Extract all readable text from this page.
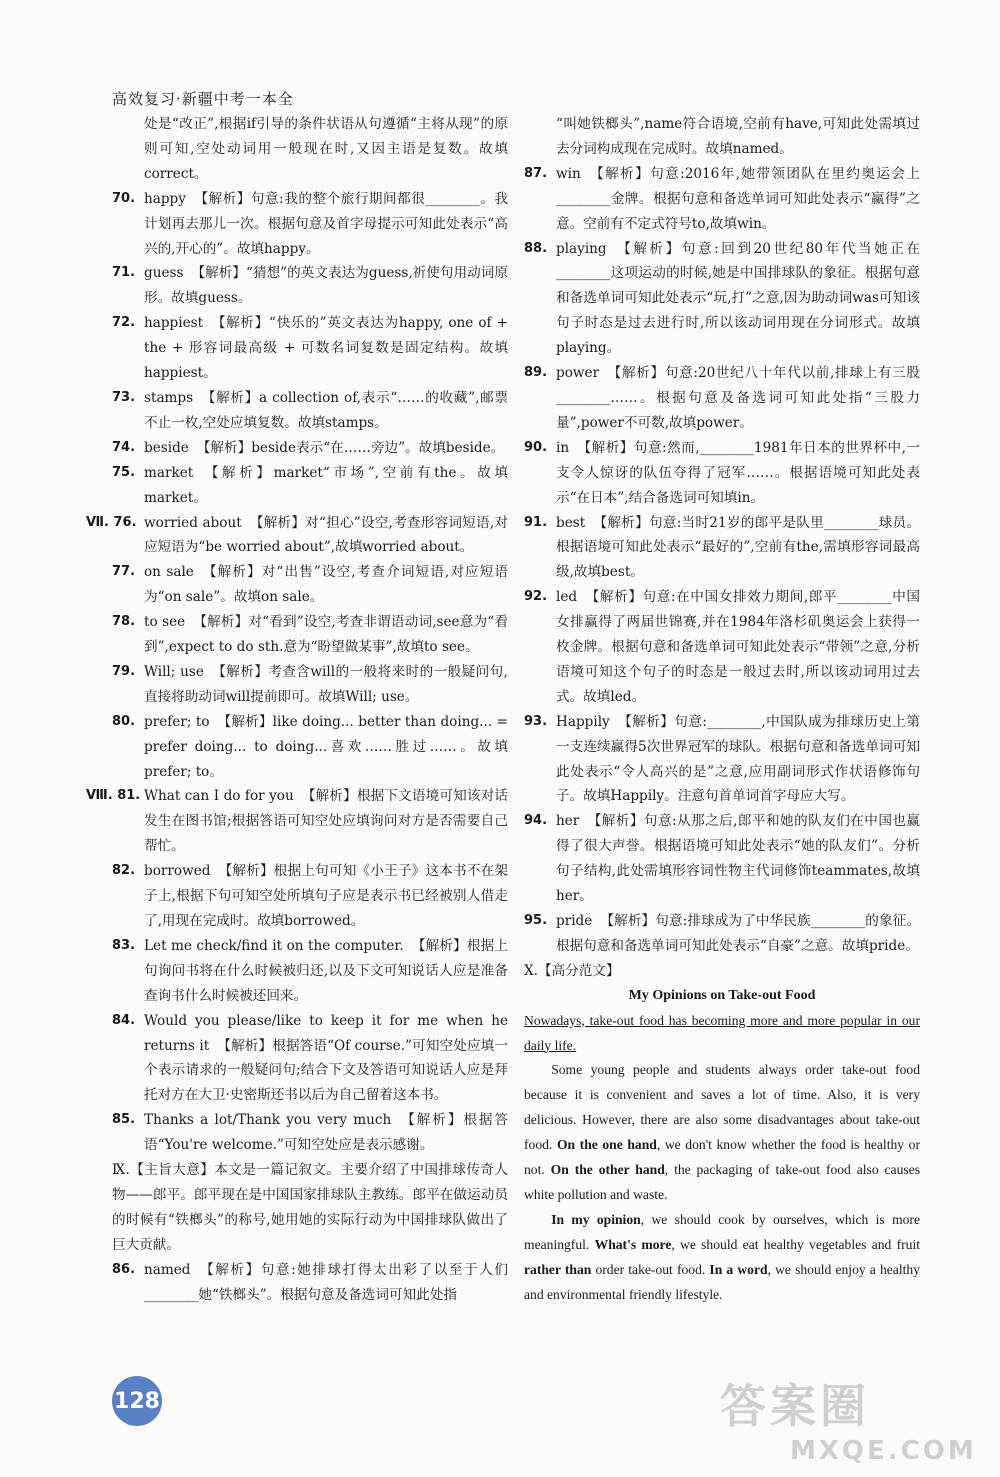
高效复习·新疆中考一本全
处是“改正”,根据if引导的条件状语从句遵循“主将从现”的原则可知,空处动词用一般现在时,又因主语是复数。故填correct。
70. happy 【解析】句意:我的整个旅行期间都很________。我计划再去那儿一次。根据句意及首字母提示可知此处表示“高兴的,开心的”。故填happy。
71. guess 【解析】“猜想”的英文表达为guess,祈使句用动词原形。故填guess。
72. happiest 【解析】“快乐的”英文表达为happy, one of + the + 形容词最高级 + 可数名词复数是固定结构。故填happiest。
73. stamps 【解析】a collection of,表示“……的收藏”,邮票不止一枚,空处应填复数。故填stamps。
74. beside 【解析】beside表示“在……旁边”。故填beside。
75. market 【解析】market“市场”,空前有the。故填market。
Ⅶ. 76. worried about 【解析】对“担心”设空,考查形容词短语,对应短语为“be worried about”,故填worried about。
77. on sale 【解析】对“出售”设空,考查介词短语,对应短语为“on sale”。故填on sale。
78. to see 【解析】对“看到”设空,考查非谓语动词,see意为“看到”,expect to do sth.意为“盼望做某事”,故填to see。
79. Will; use 【解析】考查含will的一般将来时的一般疑问句,直接将助动词will提前即可。故填Will; use。
80. prefer; to 【解析】like doing... better than doing... = prefer doing... to doing...喜欢……胜过……。故填prefer; to。
Ⅷ. 81. What can I do for you 【解析】根据下文语境可知该对话发生在图书馆;根据答语可知空处应填询问对方是否需要自己帮忙。
82. borrowed 【解析】根据上句可知《小王子》这本书不在架子上,根据下句可知空处所填句子应是表示书已经被别人借走了,用现在完成时。故填borrowed。
83. Let me check/find it on the computer. 【解析】根据上句询问书将在什么时候被归还,以及下文可知说话人应是准备查询书什么时候被还回来。
84. Would you please/like to keep it for me when he returns it 【解析】根据答语“Of course.”可知空处应填一个表示请求的一般疑问句;结合下文及答语可知说话人应是拜托对方在大卫·史密斯还书以后为自己留着这本书。
85. Thanks a lot/Thank you very much 【解析】根据答语“You're welcome.”可知空处应是表示感谢。
Ⅸ.【主旨大意】本文是一篇记叙文。主要介绍了中国排球传奇人物——郎平。郎平现在是中国国家排球队主教练。郎平在做运动员的时候有“铁榔头”的称号,她用她的实际行动为中国排球队做出了巨大贡献。
86. named 【解析】句意:她排球打得太出彩了以至于人们________她“铁榔头”。根据句意及备选词可知此处指
“叫她铁榔头”,name符合语境,空前有have,可知此处需填过去分词构成现在完成时。故填named。
87. win 【解析】句意:2016年,她带领团队在里约奥运会上________金牌。根据句意和备选单词可知此处表示“赢得”之意。空前有不定式符号to,故填win。
88. playing 【解析】句意:回到20世纪80年代当她正在________这项运动的时候,她是中国排球队的象征。根据句意和备选单词可知此处表示“玩,打”之意,因为助动词was可知该句子时态是过去进行时,所以该动词用现在分词形式。故填playing。
89. power 【解析】句意:20世纪八十年代以前,排球上有三股________……。根据句意及备选词可知此处指“三股力量”,power不可数,故填power。
90. in 【解析】句意:然而,________1981年日本的世界杯中,一支令人惊讶的队伍夺得了冠军……。根据语境可知此处表示“在日本”,结合备选词可知填in。
91. best 【解析】句意:当时21岁的郎平是队里________球员。根据语境可知此处表示“最好的”,空前有the,需填形容词最高级,故填best。
92. led 【解析】句意:在中国女排效力期间,郎平________中国女排赢得了两届世锦赛,并在1984年洛杉矶奥运会上获得一枚金牌。根据句意和备选单词可知此处表示“带领”之意,分析语境可知这个句子的时态是一般过去时,所以该动词用过去式。故填led。
93. Happily 【解析】句意:________,中国队成为排球历史上第一支连续赢得5次世界冠军的球队。根据句意和备选单词可知此处表示“令人高兴的是”之意,应用副词形式作状语修饰句子。故填Happily。注意句首单词首字母应大写。
94. her 【解析】句意:从那之后,郎平和她的队友们在中国也赢得了很大声誉。根据语境可知此处表示“她的队友们”。分析句子结构,此处需填形容词性物主代词修饰teammates,故填her。
95. pride 【解析】句意:排球成为了中华民族________的象征。根据句意和备选单词可知此处表示“自豪”之意。故填pride。
Ⅹ.【高分范文】
My Opinions on Take-out Food

Nowadays, take-out food has becoming more and more popular in our daily life.

Some young people and students always order take-out food because it is convenient and saves a lot of time. Also, it is very delicious. However, there are also some disadvantages about take-out food. On the one hand, we don't know whether the food is healthy or not. On the other hand, the packaging of take-out food also causes white pollution and waste.

In my opinion, we should cook by ourselves, which is more meaningful. What's more, we should eat healthy vegetables and fruit rather than order take-out food. In a word, we should enjoy a healthy and environmental friendly lifestyle.

128	答案圈
MXQE.COM
